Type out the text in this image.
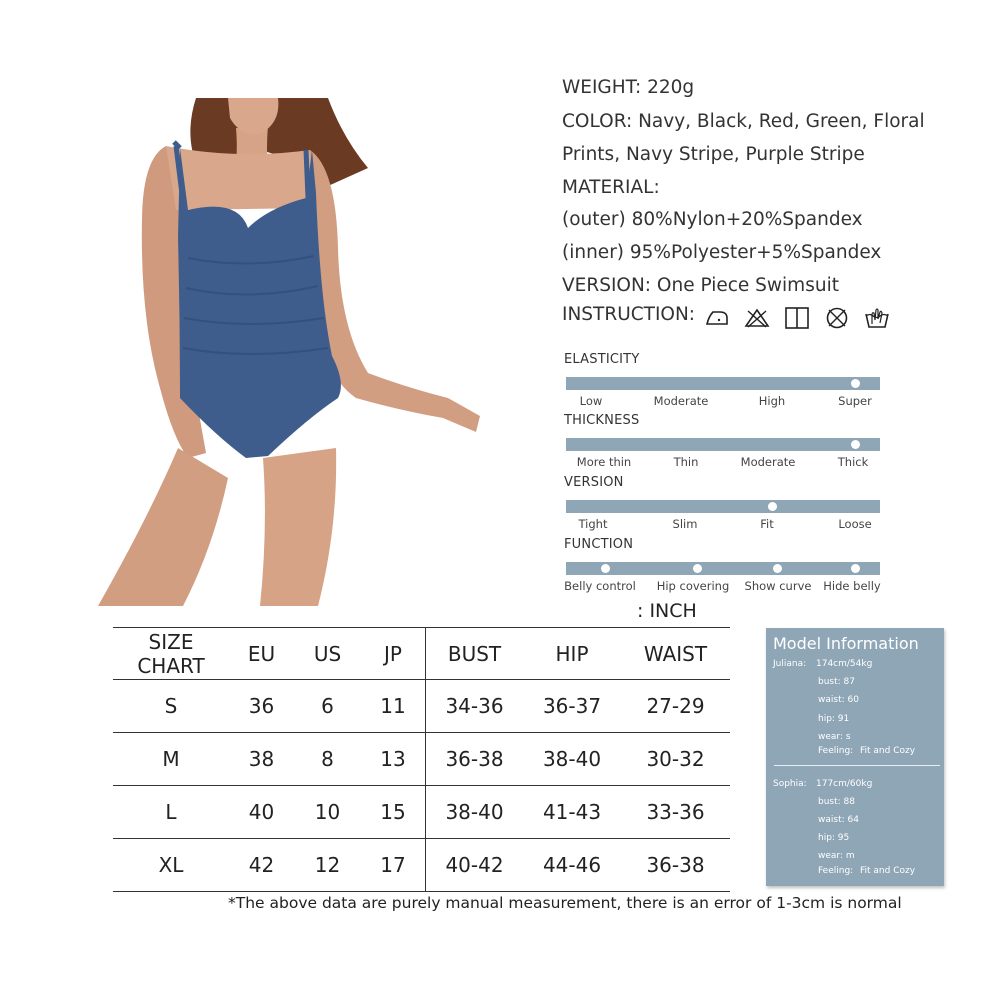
WEIGHT: 220g
COLOR: Navy, Black, Red, Green, Floral
Prints, Navy Stripe, Purple Stripe
MATERIAL:
(outer) 80%Nylon+20%Spandex
(inner) 95%Polyester+5%Spandex
VERSION: One Piece Swimsuit
INSTRUCTION:
ELASTICITY
Low	Moderate	High	Super
THICKNESS
More thin	Thin	Moderate	Thick
VERSION
Tight	Slim	Fit	Loose
FUNCTION
Belly control Hip covering Show curve Hide belly
: INCH
SIZE CHART	EU	US	JP	BUST	HIP	WAIST
S	36	6	11	34-36	36-37	27-29
M	38	8	13	36-38	38-40	30-32
L	40	10	15	38-40	41-43	33-36
XL	42	12	17	40-42	44-46	36-38
*The above data are purely manual measurement, there is an error of 1-3cm is normal
Model Information
Juliana: 174cm/54kg
bust: 87
waist: 60
hip: 91
wear: s
Feeling: Fit and Cozy
Sophia: 177cm/60kg
bust: 88
waist: 64
hip: 95
wear: m
Feeling: Fit and Cozy
